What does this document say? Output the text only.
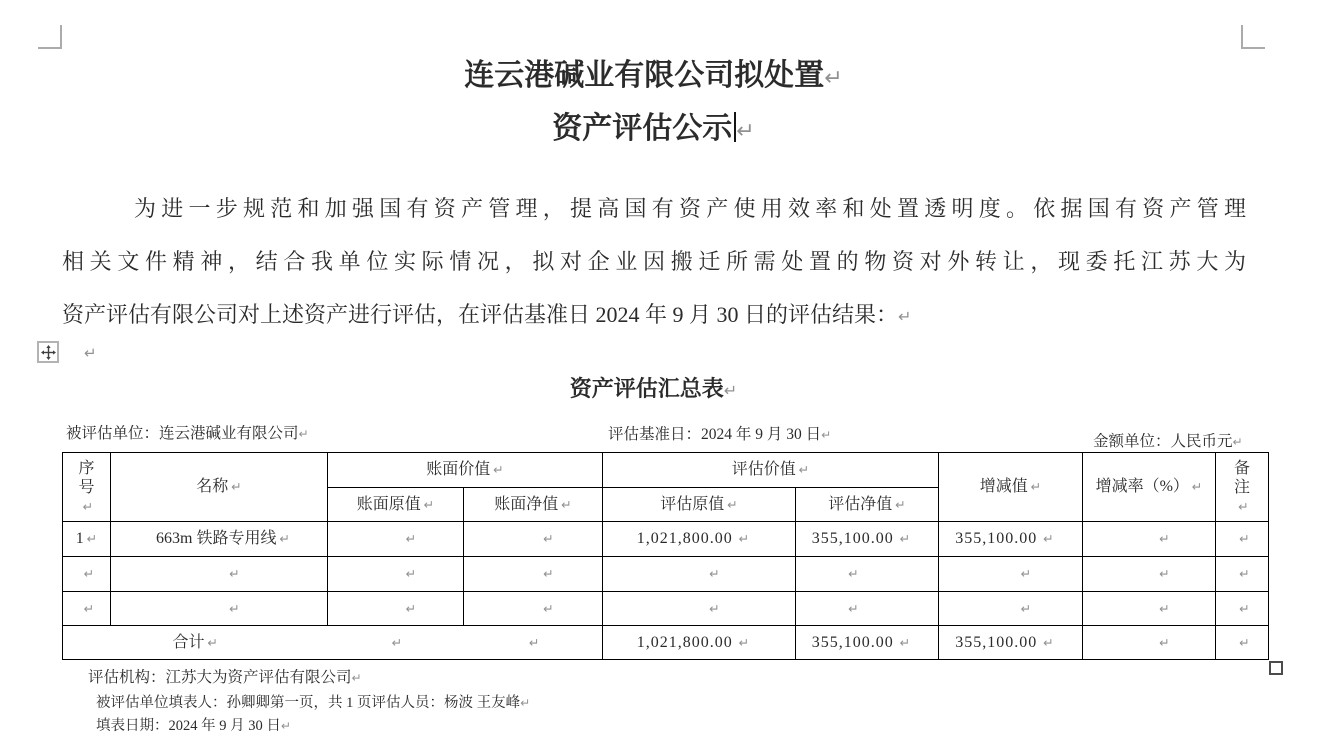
连云港碱业有限公司拟处置↵
资产评估公示 ↵
为进一步规范和加强国有资产管理，提高国有资产使用效率和处置透明度。依据国有资产管理
相关文件精神，结合我单位实际情况，拟对企业因搬迁所需处置的物资对外转让，现委托江苏大为
资产评估有限公司对上述资产进行评估，在评估基准日 2024 年 9 月 30 日的评估结果：↵
↵
资产评估汇总表↵
被评估单位：连云港碱业有限公司↵	评估基准日：2024 年 9 月 30 日↵	金额单位：人民币元↵
序号↵	名称 ↵	账面价值 ↵		评估价值 ↵		增减值 ↵	增减率（%） ↵	备注↵

		账面原值 ↵	账面净值 ↵	评估原值 ↵	评估净值 ↵			
1 ↵	663m 铁路专用线 ↵	↵	↵	1,021,800.00 ↵	355,100.00 ↵	355,100.00 ↵	↵	↵
↵	↵	↵	↵	↵	↵	↵	↵	↵
↵	↵	↵	↵	↵	↵	↵	↵	↵
合计 ↵		↵	↵	1,021,800.00 ↵	355,100.00 ↵	355,100.00 ↵	↵	↵
评估机构：江苏大为资产评估有限公司↵
被评估单位填表人：孙卿卿第一页，共 1 页评估人员：杨波 王友峰↵
填表日期：2024 年 9 月 30 日↵
